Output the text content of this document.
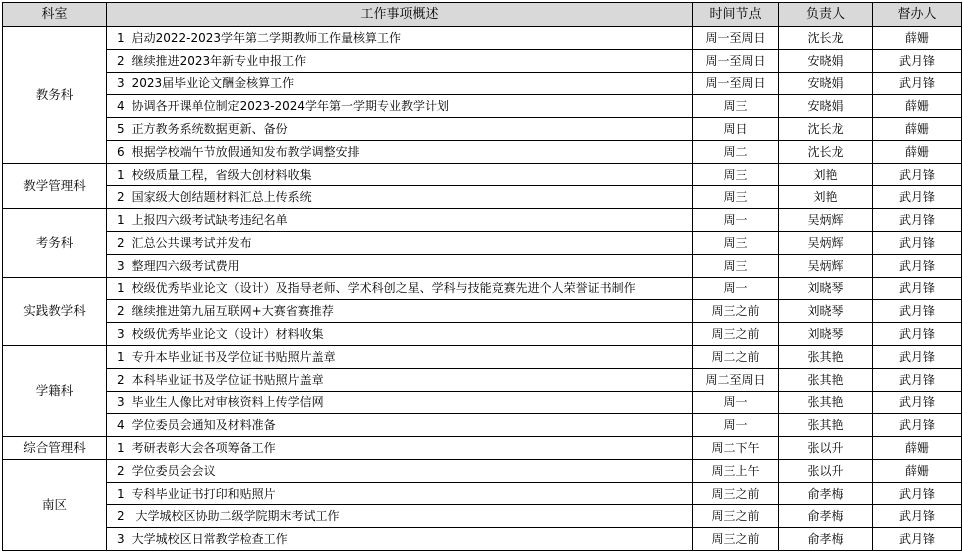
科室	工作事项概述	时间节点	负责人	督办人
教务科	1 启动2022-2023学年第二学期教师工作量核算工作	周一至周日	沈长龙	薛姗
	2 继续推进2023年新专业申报工作	周一至周日	安晓娟	武月锋
	3 2023届毕业论文酬金核算工作	周一至周日	安晓娟	武月锋
	4 协调各开课单位制定2023-2024学年第一学期专业教学计划	周三	安晓娟	薛姗
	5 正方教务系统数据更新、备份	周日	沈长龙	薛姗
	6 根据学校端午节放假通知发布教学调整安排	周二	沈长龙	薛姗
教学管理科	1 校级质量工程，省级大创材料收集	周三	刘艳	武月锋
	2 国家级大创结题材料汇总上传系统	周三	刘艳	武月锋
考务科	1 上报四六级考试缺考违纪名单	周一	吴炳辉	武月锋
	2 汇总公共课考试并发布	周三	吴炳辉	武月锋
	3 整理四六级考试费用	周三	吴炳辉	武月锋
实践教学科	1 校级优秀毕业论文（设计）及指导老师、学术科创之星、学科与技能竞赛先进个人荣誉证书制作	周一	刘晓琴	武月锋
	2 继续推进第九届互联网+大赛省赛推荐	周三之前	刘晓琴	武月锋
	3 校级优秀毕业论文（设计）材料收集	周三之前	刘晓琴	武月锋
学籍科	1 专升本毕业证书及学位证书贴照片盖章	周二之前	张其艳	武月锋
	2 本科毕业证书及学位证书贴照片盖章	周二至周日	张其艳	武月锋
	3 毕业生人像比对审核资料上传学信网	周一	张其艳	武月锋
	4 学位委员会通知及材料准备	周一	张其艳	武月锋
综合管理科	1 考研表彰大会各项筹备工作	周二下午	张以升	薛姗
南区	2 学位委员会会议	周三上午	张以升	薛姗
	1 专科毕业证书打印和贴照片	周三之前	俞孝梅	武月锋
	2 大学城校区协助二级学院期末考试工作	周三之前	俞孝梅	武月锋
	3 大学城校区日常教学检查工作	周三之前	俞孝梅	武月锋
